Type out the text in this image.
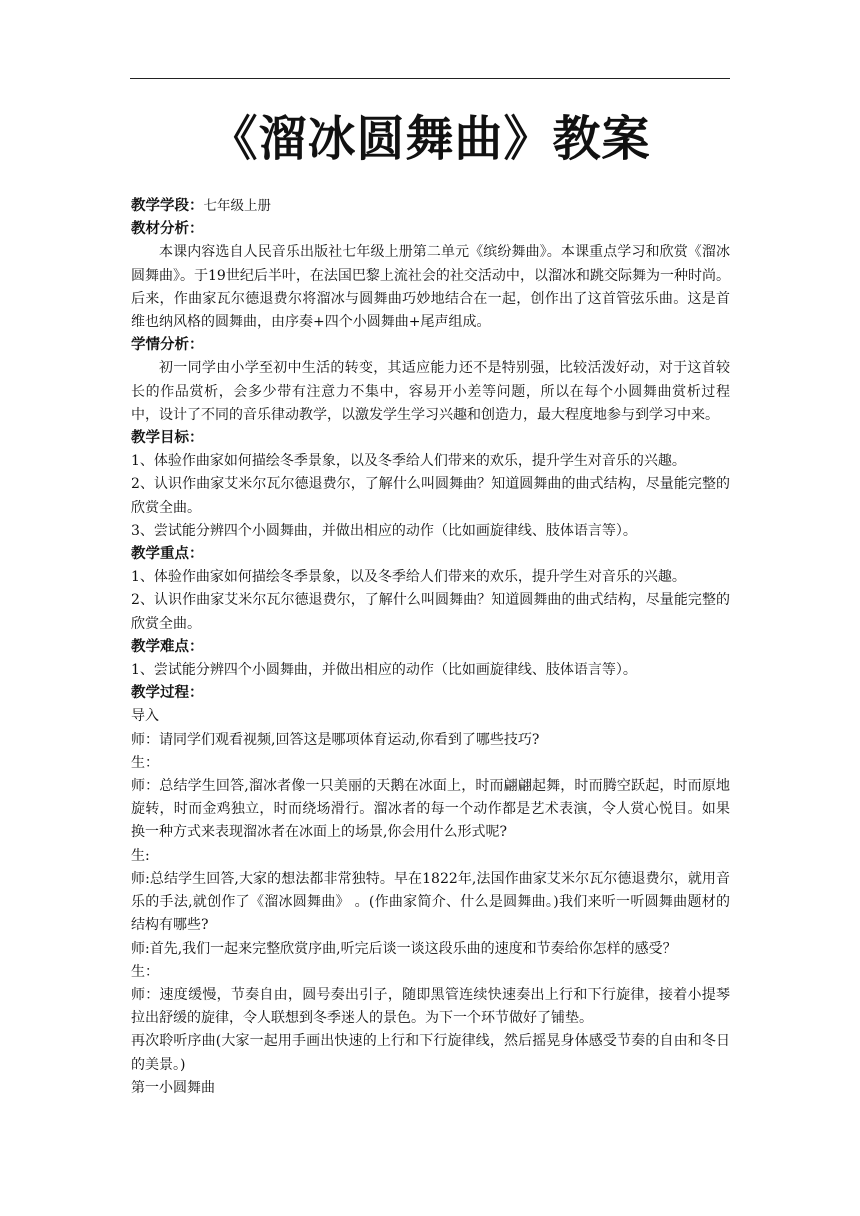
《溜冰圆舞曲》教案

教学学段：七年级上册

教材分析：

本课内容选自人民音乐出版社七年级上册第二单元《缤纷舞曲》。本课重点学习和欣赏《溜冰圆舞曲》。于19世纪后半叶，在法国巴黎上流社会的社交活动中，以溜冰和跳交际舞为一种时尚。后来，作曲家瓦尔德退费尔将溜冰与圆舞曲巧妙地结合在一起，创作出了这首管弦乐曲。这是首维也纳风格的圆舞曲，由序奏+四个小圆舞曲+尾声组成。

学情分析：

初一同学由小学至初中生活的转变，其适应能力还不是特别强，比较活泼好动，对于这首较长的作品赏析，会多少带有注意力不集中，容易开小差等问题，所以在每个小圆舞曲赏析过程中，设计了不同的音乐律动教学，以激发学生学习兴趣和创造力，最大程度地参与到学习中来。

教学目标：

1、体验作曲家如何描绘冬季景象，以及冬季给人们带来的欢乐，提升学生对音乐的兴趣。

2、认识作曲家艾米尔瓦尔德退费尔，了解什么叫圆舞曲？知道圆舞曲的曲式结构，尽量能完整的欣赏全曲。

3、尝试能分辨四个小圆舞曲，并做出相应的动作（比如画旋律线、肢体语言等）。

教学重点：

1、体验作曲家如何描绘冬季景象，以及冬季给人们带来的欢乐，提升学生对音乐的兴趣。

2、认识作曲家艾米尔瓦尔德退费尔，了解什么叫圆舞曲？知道圆舞曲的曲式结构，尽量能完整的欣赏全曲。

教学难点：

1、尝试能分辨四个小圆舞曲，并做出相应的动作（比如画旋律线、肢体语言等）。

教学过程：

导入

师：请同学们观看视频,回答这是哪项体育运动,你看到了哪些技巧?

生：

师：总结学生回答,溜冰者像一只美丽的天鹅在冰面上，时而翩翩起舞，时而腾空跃起，时而原地旋转，时而金鸡独立，时而绕场滑行。溜冰者的每一个动作都是艺术表演，令人赏心悦目。如果换一种方式来表现溜冰者在冰面上的场景,你会用什么形式呢?

生:

师:总结学生回答,大家的想法都非常独特。早在1822年,法国作曲家艾米尔瓦尔德退费尔，就用音乐的手法,就创作了《溜冰圆舞曲》 。(作曲家简介、什么是圆舞曲。)我们来听一听圆舞曲题材的结构有哪些?

师:首先,我们一起来完整欣赏序曲,听完后谈一谈这段乐曲的速度和节奏给你怎样的感受？

生：

师：速度缓慢，节奏自由，圆号奏出引子，随即黑管连续快速奏出上行和下行旋律，接着小提琴拉出舒缓的旋律，令人联想到冬季迷人的景色。为下一个环节做好了铺垫。

再次聆听序曲(大家一起用手画出快速的上行和下行旋律线，然后摇晃身体感受节奏的自由和冬日的美景。)

第一小圆舞曲
